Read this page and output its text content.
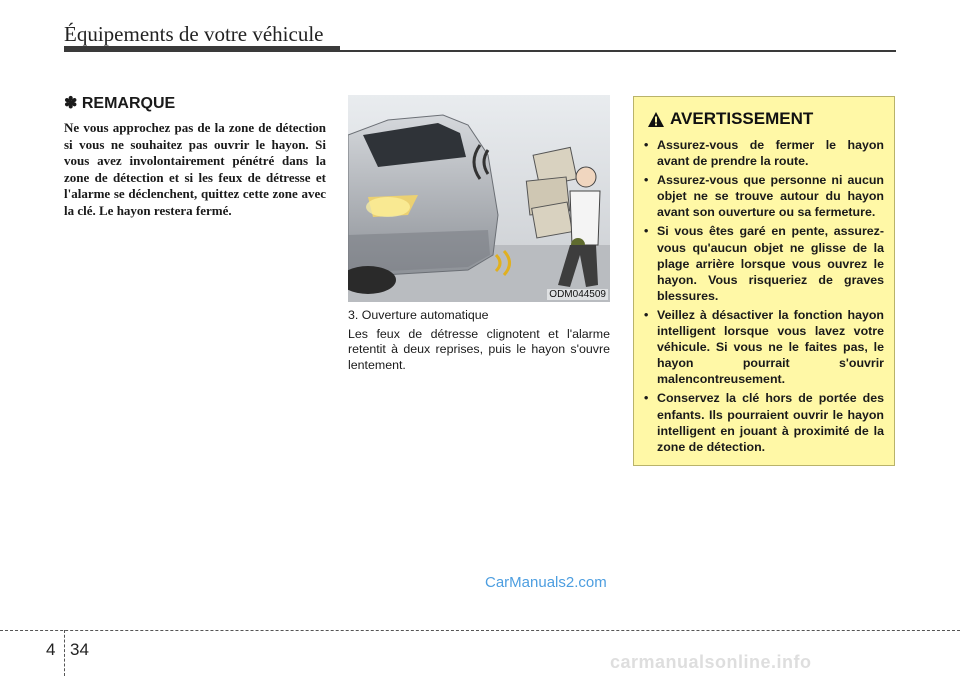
Équipements de votre véhicule
✽ REMARQUE
Ne vous approchez pas de la zone de détection si vous ne souhaitez pas ouvrir le hayon. Si vous avez involontairement pénétré dans la zone de détection et si les feux de détresse et l'alarme se déclenchent, quittez cette zone avec la clé. Le hayon restera fermé.
ODM044509
3. Ouverture automatique
Les feux de détresse clignotent et l'alarme retentit à deux reprises, puis le hayon s'ouvre lentement.
AVERTISSEMENT
• Assurez-vous de fermer le hayon avant de prendre la route.
• Assurez-vous que personne ni aucun objet ne se trouve autour du hayon avant son ouverture ou sa fermeture.
• Si vous êtes garé en pente, assurez-vous qu'aucun objet ne glisse de la plage arrière lorsque vous ouvrez le hayon. Vous risqueriez de graves blessures.
• Veillez à désactiver la fonction hayon intelligent lorsque vous lavez votre véhicule. Si vous ne le faites pas, le hayon pourrait s'ouvrir malencontreusement.
• Conservez la clé hors de portée des enfants. Ils pourraient ouvrir le hayon intelligent en jouant à proximité de la zone de détection.
CarManuals2.com
4 34
carmanualsonline.info
